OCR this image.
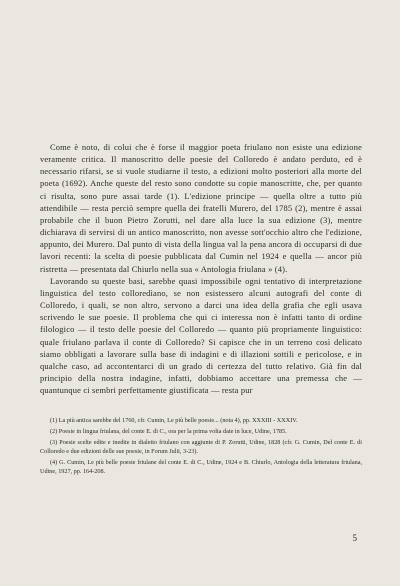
Come è noto, di colui che è forse il maggior poeta friulano non esiste una edizione veramente critica. Il manoscritto delle poesie del Colloredo è andato perduto, ed è necessario rifarsi, se si vuole studiarne il testo, a edizioni molto posteriori alla morte del poeta (1692). Anche queste del resto sono condotte su copie manoscritte, che, per quanto ci risulta, sono pure assai tarde (1). L'edizione principe — quella oltre a tutto più attendibile — resta perciò sempre quella dei fratelli Murero, del 1785 (2), mentre è assai probabile che il buon Pietro Zorutti, nel dare alla luce la sua edizione (3), mentre dichiarava di servirsi di un antico manoscritto, non avesse sott'occhio altro che l'edizione, appunto, dei Murero. Dal punto di vista della lingua val la pena ancora di occuparsi di due lavori recenti: la scelta di poesie pubblicata dal Cumin nel 1924 e quella — ancor più ristretta — presentata dal Chiurlo nella sua « Antologia friulana » (4).

Lavorando su queste basi, sarebbe quasi impossibile ogni tentativo di interpretazione linguistica del testo colloredìano, se non esistessero alcuni autografi del conte di Colloredo, i quali, se non altro, servono a darci una idea della grafia che egli usava scrivendo le sue poesie. Il problema che qui ci interessa non è infatti tanto di ordine filologico — il testo delle poesie del Colloredo — quanto più propriamente linguistico: quale friulano parlava il conte di Colloredo? Si capisce che in un terreno così delicato siamo obbligati a lavorare sulla base di indagini e di illazioni sottili e pericolose, e in qualche caso, ad accontentarci di un grado di certezza del tutto relativo. Già fin dal principio della nostra indagine, infatti, dobbiamo accettare una premessa che — quantunque ci sembri perfettamente giustificata — resta pur

(1) La più antica sarebbe del 1760, cfr. Cumin, Le più belle poesie... (nota 4), pp. XXXIII - XXXIV.

(2) Poesie in lingua friulana, del conte E. di C., ora per la prima volta date in luce, Udine, 1785.

(3) Poesie scelte edite e inedite in dialetto friulano con aggiunte di P. Zorutti, Udine, 1828 (cfr. G. Cumin, Del conte E. di Colloredo e due edizioni delle sue poesie, in Forum Julii, 3-23).

(4) G. Cumin, Le più belle poesie friulane del conte E. di C., Udine, 1924 e B. Chiurlo, Antologia della letteratura friulana, Udine, 1927, pp. 164-208.

5
